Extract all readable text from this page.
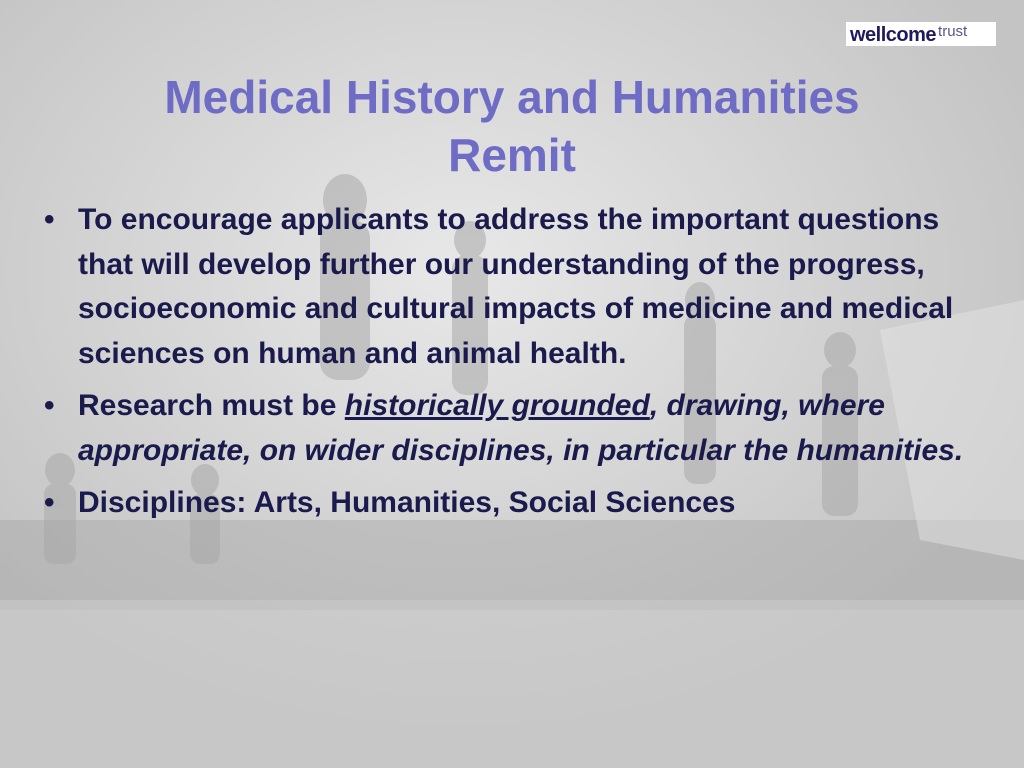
wellcome trust
Medical History and Humanities
Remit
• To encourage applicants to address the important questions that will develop further our understanding of the progress, socioeconomic and cultural impacts of medicine and medical sciences on human and animal health.
• Research must be historically grounded, drawing, where appropriate, on wider disciplines, in particular the humanities.
• Disciplines: Arts, Humanities, Social Sciences
